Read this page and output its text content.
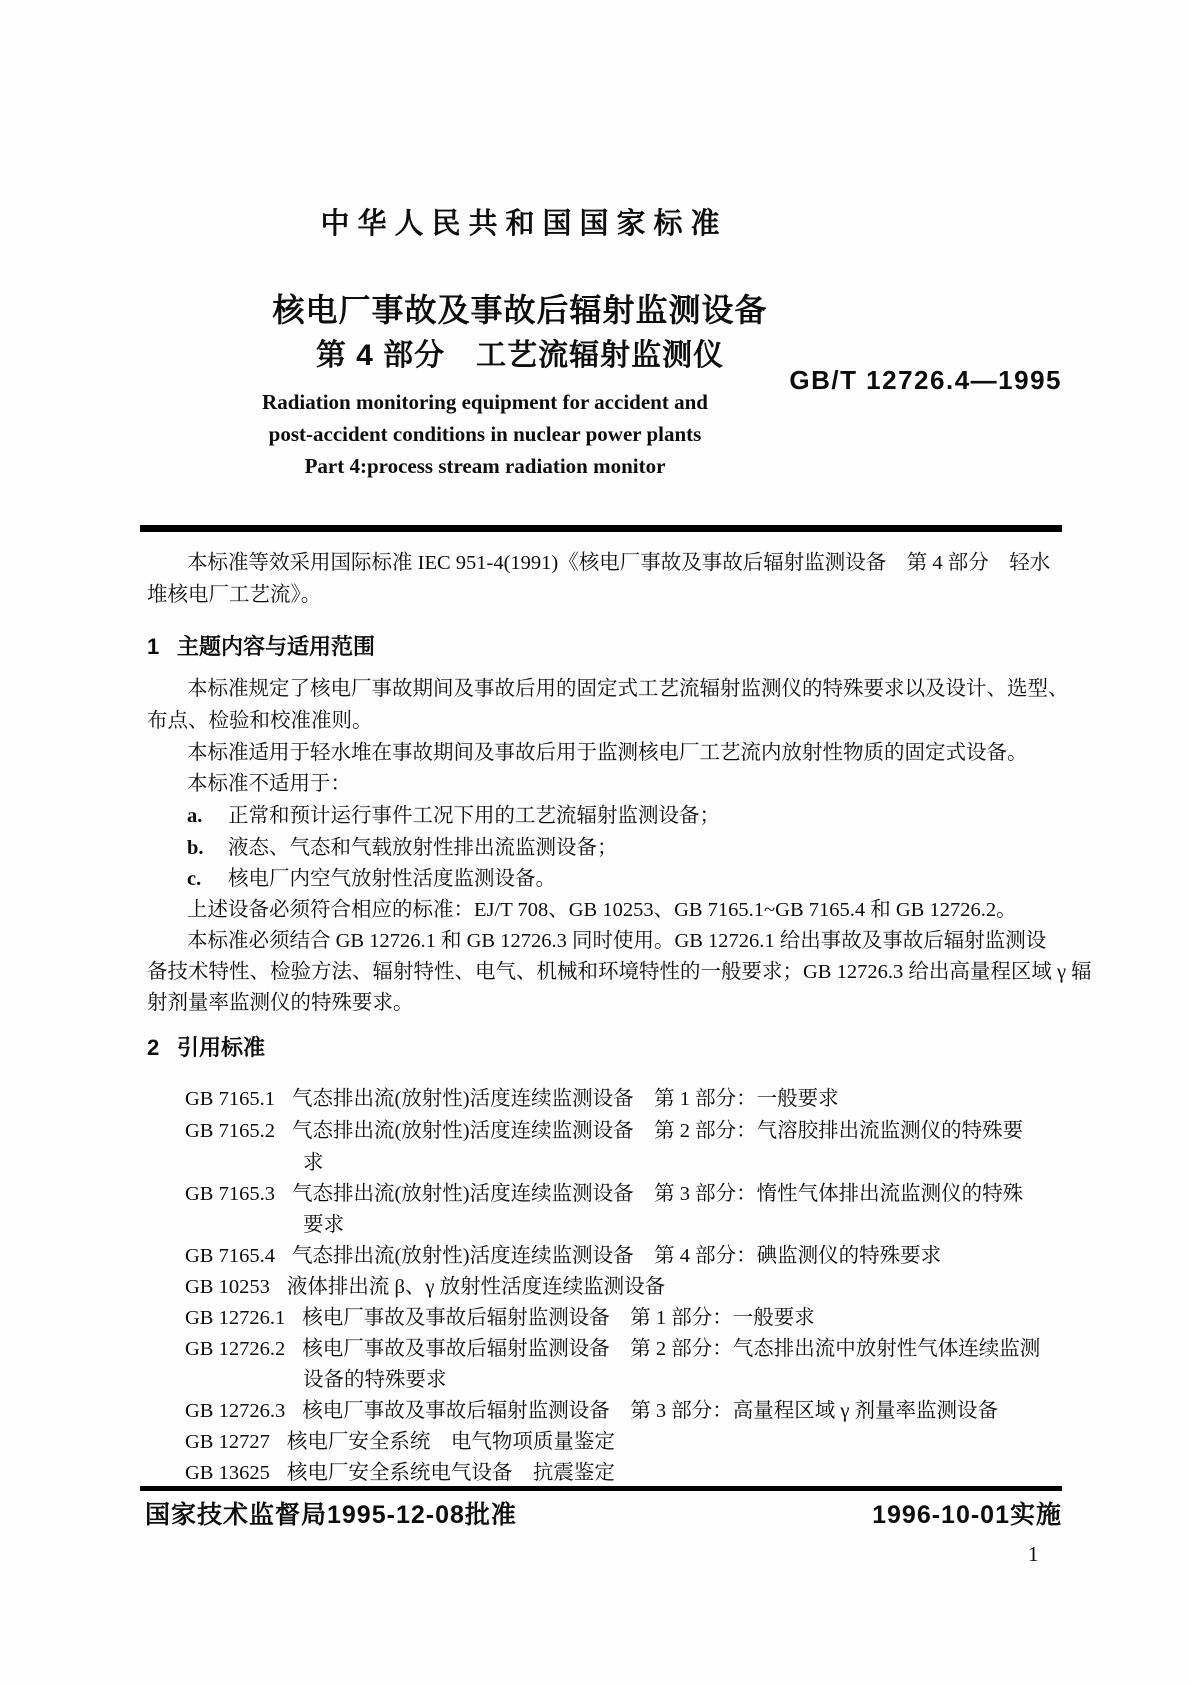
中华人民共和国国家标准
核电厂事故及事故后辐射监测设备
第 4 部分　工艺流辐射监测仪
GB/T 12726.4—1995
Radiation monitoring equipment for accident and
post-accident conditions in nuclear power plants
Part 4:process stream radiation monitor
本标准等效采用国际标准 IEC 951-4(1991)《核电厂事故及事故后辐射监测设备　第 4 部分　轻水
堆核电厂工艺流》。
1 主题内容与适用范围
本标准规定了核电厂事故期间及事故后用的固定式工艺流辐射监测仪的特殊要求以及设计、选型、
布点、检验和校准准则。
本标准适用于轻水堆在事故期间及事故后用于监测核电厂工艺流内放射性物质的固定式设备。
本标准不适用于：
a. 正常和预计运行事件工况下用的工艺流辐射监测设备；
b. 液态、气态和气载放射性排出流监测设备；
c. 核电厂内空气放射性活度监测设备。
上述设备必须符合相应的标准：EJ/T 708、GB 10253、GB 7165.1~GB 7165.4 和 GB 12726.2。
本标准必须结合 GB 12726.1 和 GB 12726.3 同时使用。GB 12726.1 给出事故及事故后辐射监测设
备技术特性、检验方法、辐射特性、电气、机械和环境特性的一般要求；GB 12726.3 给出高量程区域 γ 辐
射剂量率监测仪的特殊要求。
2 引用标准
GB 7165.1 气态排出流(放射性)活度连续监测设备　第 1 部分：一般要求
GB 7165.2 气态排出流(放射性)活度连续监测设备　第 2 部分：气溶胶排出流监测仪的特殊要
求
GB 7165.3 气态排出流(放射性)活度连续监测设备　第 3 部分：惰性气体排出流监测仪的特殊
要求
GB 7165.4 气态排出流(放射性)活度连续监测设备　第 4 部分：碘监测仪的特殊要求
GB 10253 液体排出流 β、γ 放射性活度连续监测设备
GB 12726.1 核电厂事故及事故后辐射监测设备　第 1 部分：一般要求
GB 12726.2 核电厂事故及事故后辐射监测设备　第 2 部分：气态排出流中放射性气体连续监测
设备的特殊要求
GB 12726.3 核电厂事故及事故后辐射监测设备　第 3 部分：高量程区域 γ 剂量率监测设备
GB 12727 核电厂安全系统　电气物项质量鉴定
GB 13625 核电厂安全系统电气设备　抗震鉴定
国家技术监督局1995-12-08批准	1996-10-01实施
1
